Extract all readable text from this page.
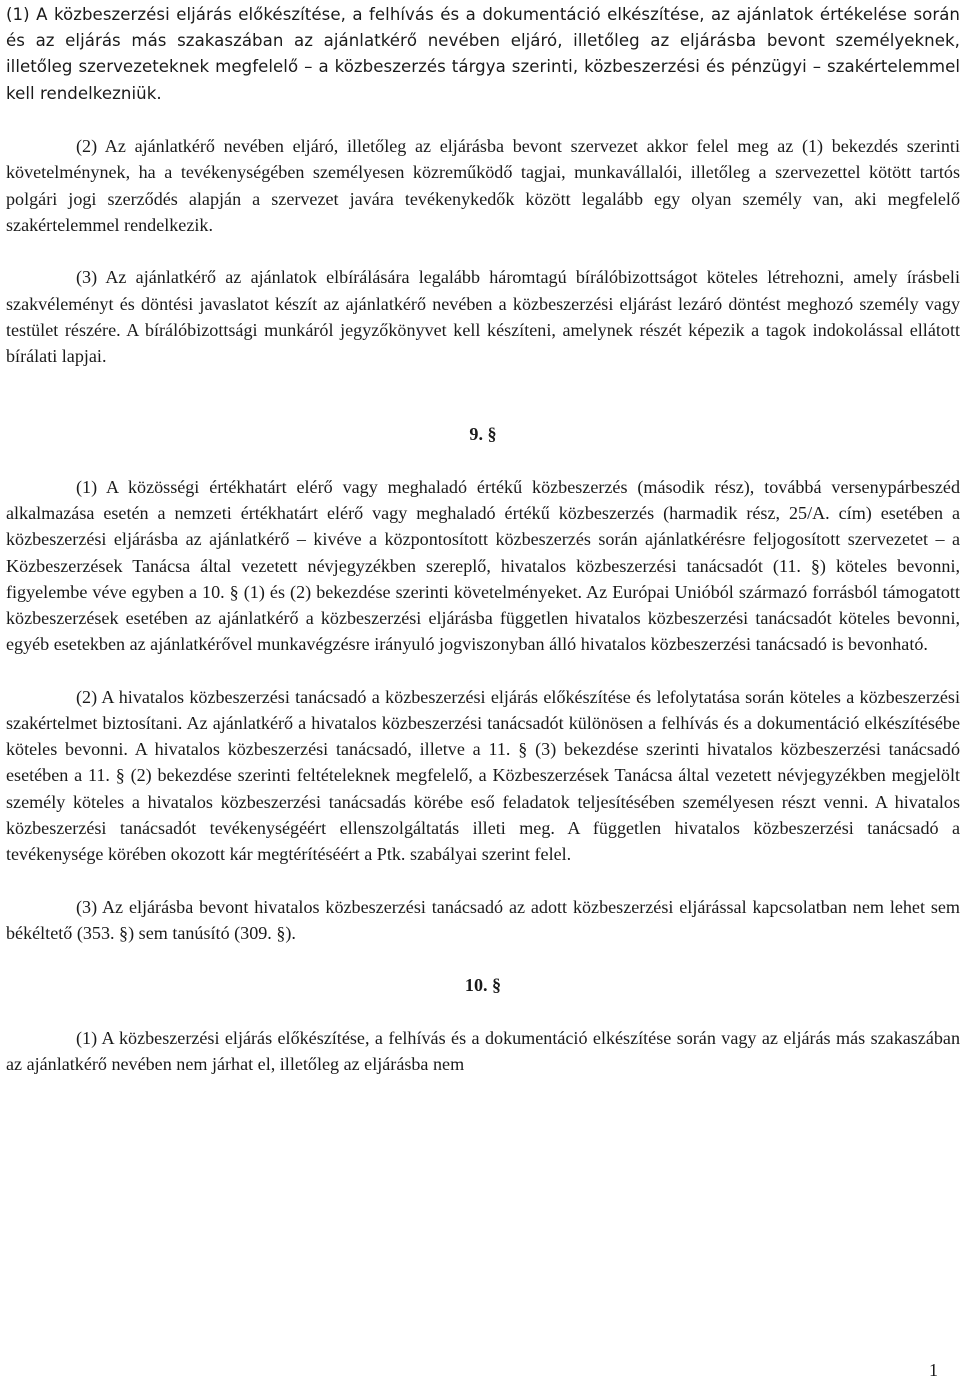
(1) A közbeszerzési eljárás előkészítése, a felhívás és a dokumentáció elkészítése, az ajánlatok értékelése során és az eljárás más szakaszában az ajánlatkérő nevében eljáró, illetőleg az eljárásba bevont személyeknek, illetőleg szervezeteknek megfelelő – a közbeszerzés tárgya szerinti, közbeszerzési és pénzügyi – szakértelemmel kell rendelkezniük.

(2) Az ajánlatkérő nevében eljáró, illetőleg az eljárásba bevont szervezet akkor felel meg az (1) bekezdés szerinti követelménynek, ha a tevékenységében személyesen közreműködő tagjai, munkavállalói, illetőleg a szervezettel kötött tartós polgári jogi szerződés alapján a szervezet javára tevékenykedők között legalább egy olyan személy van, aki megfelelő szakértelemmel rendelkezik.

(3) Az ajánlatkérő az ajánlatok elbírálására legalább háromtagú bírálóbizottságot köteles létrehozni, amely írásbeli szakvéleményt és döntési javaslatot készít az ajánlatkérő nevében a közbeszerzési eljárást lezáró döntést meghozó személy vagy testület részére. A bírálóbizottsági munkáról jegyzőkönyvet kell készíteni, amelynek részét képezik a tagok indokolással ellátott bírálati lapjai.

9. §

(1) A közösségi értékhatárt elérő vagy meghaladó értékű közbeszerzés (második rész), továbbá versenypárbeszéd alkalmazása esetén a nemzeti értékhatárt elérő vagy meghaladó értékű közbeszerzés (harmadik rész, 25/A. cím) esetében a közbeszerzési eljárásba az ajánlatkérő – kivéve a központosított közbeszerzés során ajánlatkérésre feljogosított szervezetet – a Közbeszerzések Tanácsa által vezetett névjegyzékben szereplő, hivatalos közbeszerzési tanácsadót (11. §) köteles bevonni, figyelembe véve egyben a 10. § (1) és (2) bekezdése szerinti követelményeket. Az Európai Unióból származó forrásból támogatott közbeszerzések esetében az ajánlatkérő a közbeszerzési eljárásba független hivatalos közbeszerzési tanácsadót köteles bevonni, egyéb esetekben az ajánlatkérővel munkavégzésre irányuló jogviszonyban álló hivatalos közbeszerzési tanácsadó is bevonható.

(2) A hivatalos közbeszerzési tanácsadó a közbeszerzési eljárás előkészítése és lefolytatása során köteles a közbeszerzési szakértelmet biztosítani. Az ajánlatkérő a hivatalos közbeszerzési tanácsadót különösen a felhívás és a dokumentáció elkészítésébe köteles bevonni. A hivatalos közbeszerzési tanácsadó, illetve a 11. § (3) bekezdése szerinti hivatalos közbeszerzési tanácsadó esetében a 11. § (2) bekezdése szerinti feltételeknek megfelelő, a Közbeszerzések Tanácsa által vezetett névjegyzékben megjelölt személy köteles a hivatalos közbeszerzési tanácsadás körébe eső feladatok teljesítésében személyesen részt venni. A hivatalos közbeszerzési tanácsadót tevékenységéért ellenszolgáltatás illeti meg. A független hivatalos közbeszerzési tanácsadó a tevékenysége körében okozott kár megtérítéséért a Ptk. szabályai szerint felel.

(3) Az eljárásba bevont hivatalos közbeszerzési tanácsadó az adott közbeszerzési eljárással kapcsolatban nem lehet sem békéltető (353. §) sem tanúsító (309. §).

10. §

(1) A közbeszerzési eljárás előkészítése, a felhívás és a dokumentáció elkészítése során vagy az eljárás más szakaszában az ajánlatkérő nevében nem járhat el, illetőleg az eljárásba nem

1
